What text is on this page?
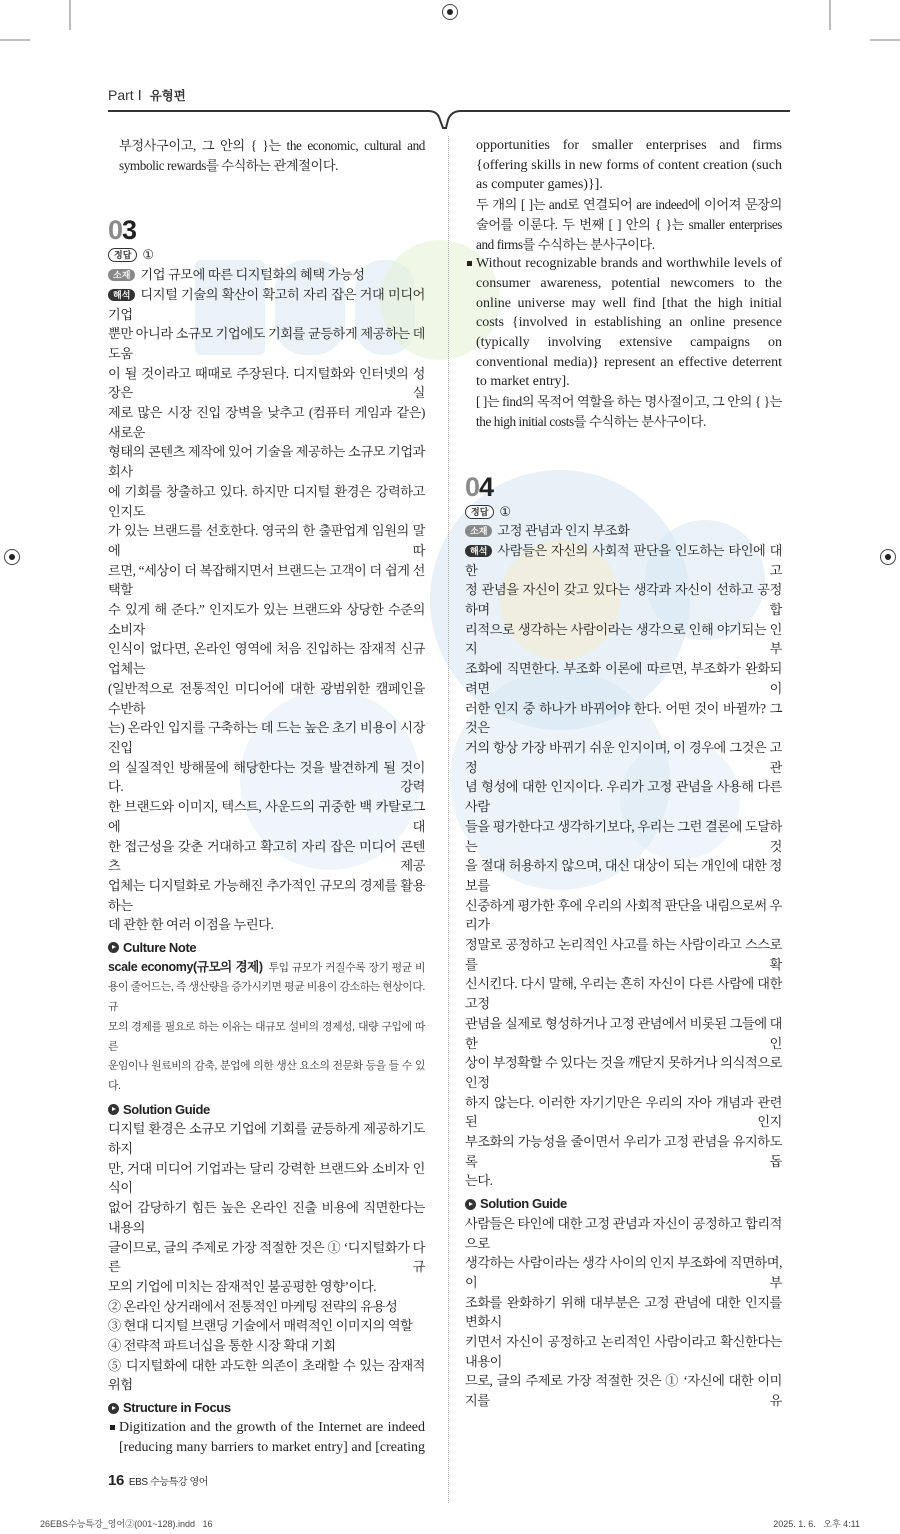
Part Ⅰ 유형편
부정사구이고, 그 안의 { }는 the economic, cultural and
symbolic rewards를 수식하는 관계절이다.
03
정답 ①
소재 기업 규모에 따른 디지털화의 혜택 가능성
해석 디지털 기술의 확산이 확고히 자리 잡은 거대 미디어 기업
뿐만 아니라 소규모 기업에도 기회를 균등하게 제공하는 데 도움
이 될 것이라고 때때로 주장된다. 디지털화와 인터넷의 성장은 실
제로 많은 시장 진입 장벽을 낮추고 (컴퓨터 게임과 같은) 새로운
형태의 콘텐츠 제작에 있어 기술을 제공하는 소규모 기업과 회사
에 기회를 창출하고 있다. 하지만 디지털 환경은 강력하고 인지도
가 있는 브랜드를 선호한다. 영국의 한 출판업계 임원의 말에 따
르면, “세상이 더 복잡해지면서 브랜드는 고객이 더 쉽게 선택할
수 있게 해 준다.” 인지도가 있는 브랜드와 상당한 수준의 소비자
인식이 없다면, 온라인 영역에 처음 진입하는 잠재적 신규 업체는
(일반적으로 전통적인 미디어에 대한 광범위한 캠페인을 수반하
는) 온라인 입지를 구축하는 데 드는 높은 초기 비용이 시장 진입
의 실질적인 방해물에 해당한다는 것을 발견하게 될 것이다. 강력
한 브랜드와 이미지, 텍스트, 사운드의 귀중한 백 카탈로그에 대
한 접근성을 갖춘 거대하고 확고히 자리 잡은 미디어 콘텐츠 제공
업체는 디지털화로 가능해진 추가적인 규모의 경제를 활용하는
데 관한 한 여러 이점을 누린다.
Culture Note
scale economy(규모의 경제) 투입 규모가 커질수록 장기 평균 비
용이 줄어드는, 즉 생산량을 증가시키면 평균 비용이 감소하는 현상이다. 규
모의 경제를 필요로 하는 이유는 대규모 설비의 경제성, 대량 구입에 따른
운임이나 원료비의 감축, 분업에 의한 생산 요소의 전문화 등을 들 수 있다.
Solution Guide
디지털 환경은 소규모 기업에 기회를 균등하게 제공하기도 하지
만, 거대 미디어 기업과는 달리 강력한 브랜드와 소비자 인식이
없어 감당하기 힘든 높은 온라인 진출 비용에 직면한다는 내용의
글이므로, 글의 주제로 가장 적절한 것은 ① ‘디지털화가 다른 규
모의 기업에 미치는 잠재적인 불공평한 영향’이다.
② 온라인 상거래에서 전통적인 마케팅 전략의 유용성
③ 현대 디지털 브랜딩 기술에서 매력적인 이미지의 역할
④ 전략적 파트너십을 통한 시장 확대 기회
⑤ 디지털화에 대한 과도한 의존이 초래할 수 있는 잠재적 위험
Structure in Focus
Digitization and the growth of the Internet are indeed
[reducing many barriers to market entry] and [creating
16 EBS 수능특강 영어
opportunities for smaller enterprises and firms
{offering skills in new forms of content creation (such
as computer games)}].
두 개의 [ ]는 and로 연결되어 are indeed에 이어져 문장의
술어를 이룬다. 두 번째 [ ] 안의 { }는 smaller enterprises
and firms를 수식하는 분사구이다.
Without recognizable brands and worthwhile levels of
consumer awareness, potential newcomers to the
online universe may well find [that the high initial
costs {involved in establishing an online presence
(typically involving extensive campaigns on
conventional media)} represent an effective deterrent
to market entry].
[ ]는 find의 목적어 역할을 하는 명사절이고, 그 안의 { }는
the high initial costs를 수식하는 분사구이다.
04
정답 ①
소재 고정 관념과 인지 부조화
해석 사람들은 자신의 사회적 판단을 인도하는 타인에 대한 고
정 관념을 자신이 갖고 있다는 생각과 자신이 선하고 공정하며 합
리적으로 생각하는 사람이라는 생각으로 인해 야기되는 인지 부
조화에 직면한다. 부조화 이론에 따르면, 부조화가 완화되려면 이
러한 인지 중 하나가 바뀌어야 한다. 어떤 것이 바뀔까? 그것은
거의 항상 가장 바뀌기 쉬운 인지이며, 이 경우에 그것은 고정 관
념 형성에 대한 인지이다. 우리가 고정 관념을 사용해 다른 사람
들을 평가한다고 생각하기보다, 우리는 그런 결론에 도달하는 것
을 절대 허용하지 않으며, 대신 대상이 되는 개인에 대한 정보를
신중하게 평가한 후에 우리의 사회적 판단을 내림으로써 우리가
정말로 공정하고 논리적인 사고를 하는 사람이라고 스스로를 확
신시킨다. 다시 말해, 우리는 흔히 자신이 다른 사람에 대한 고정
관념을 실제로 형성하거나 고정 관념에서 비롯된 그들에 대한 인
상이 부정확할 수 있다는 것을 깨닫지 못하거나 의식적으로 인정
하지 않는다. 이러한 자기기만은 우리의 자아 개념과 관련된 인지
부조화의 가능성을 줄이면서 우리가 고정 관념을 유지하도록 돕
는다.
Solution Guide
사람들은 타인에 대한 고정 관념과 자신이 공정하고 합리적으로
생각하는 사람이라는 생각 사이의 인지 부조화에 직면하며, 이 부
조화를 완화하기 위해 대부분은 고정 관념에 대한 인지를 변화시
키면서 자신이 공정하고 논리적인 사람이라고 확신한다는 내용이
므로, 글의 주제로 가장 적절한 것은 ① ‘자신에 대한 이미지를 유
26EBS수능특강_영어②(001~128).indd   16	2025. 1. 6.   오후 4:11
